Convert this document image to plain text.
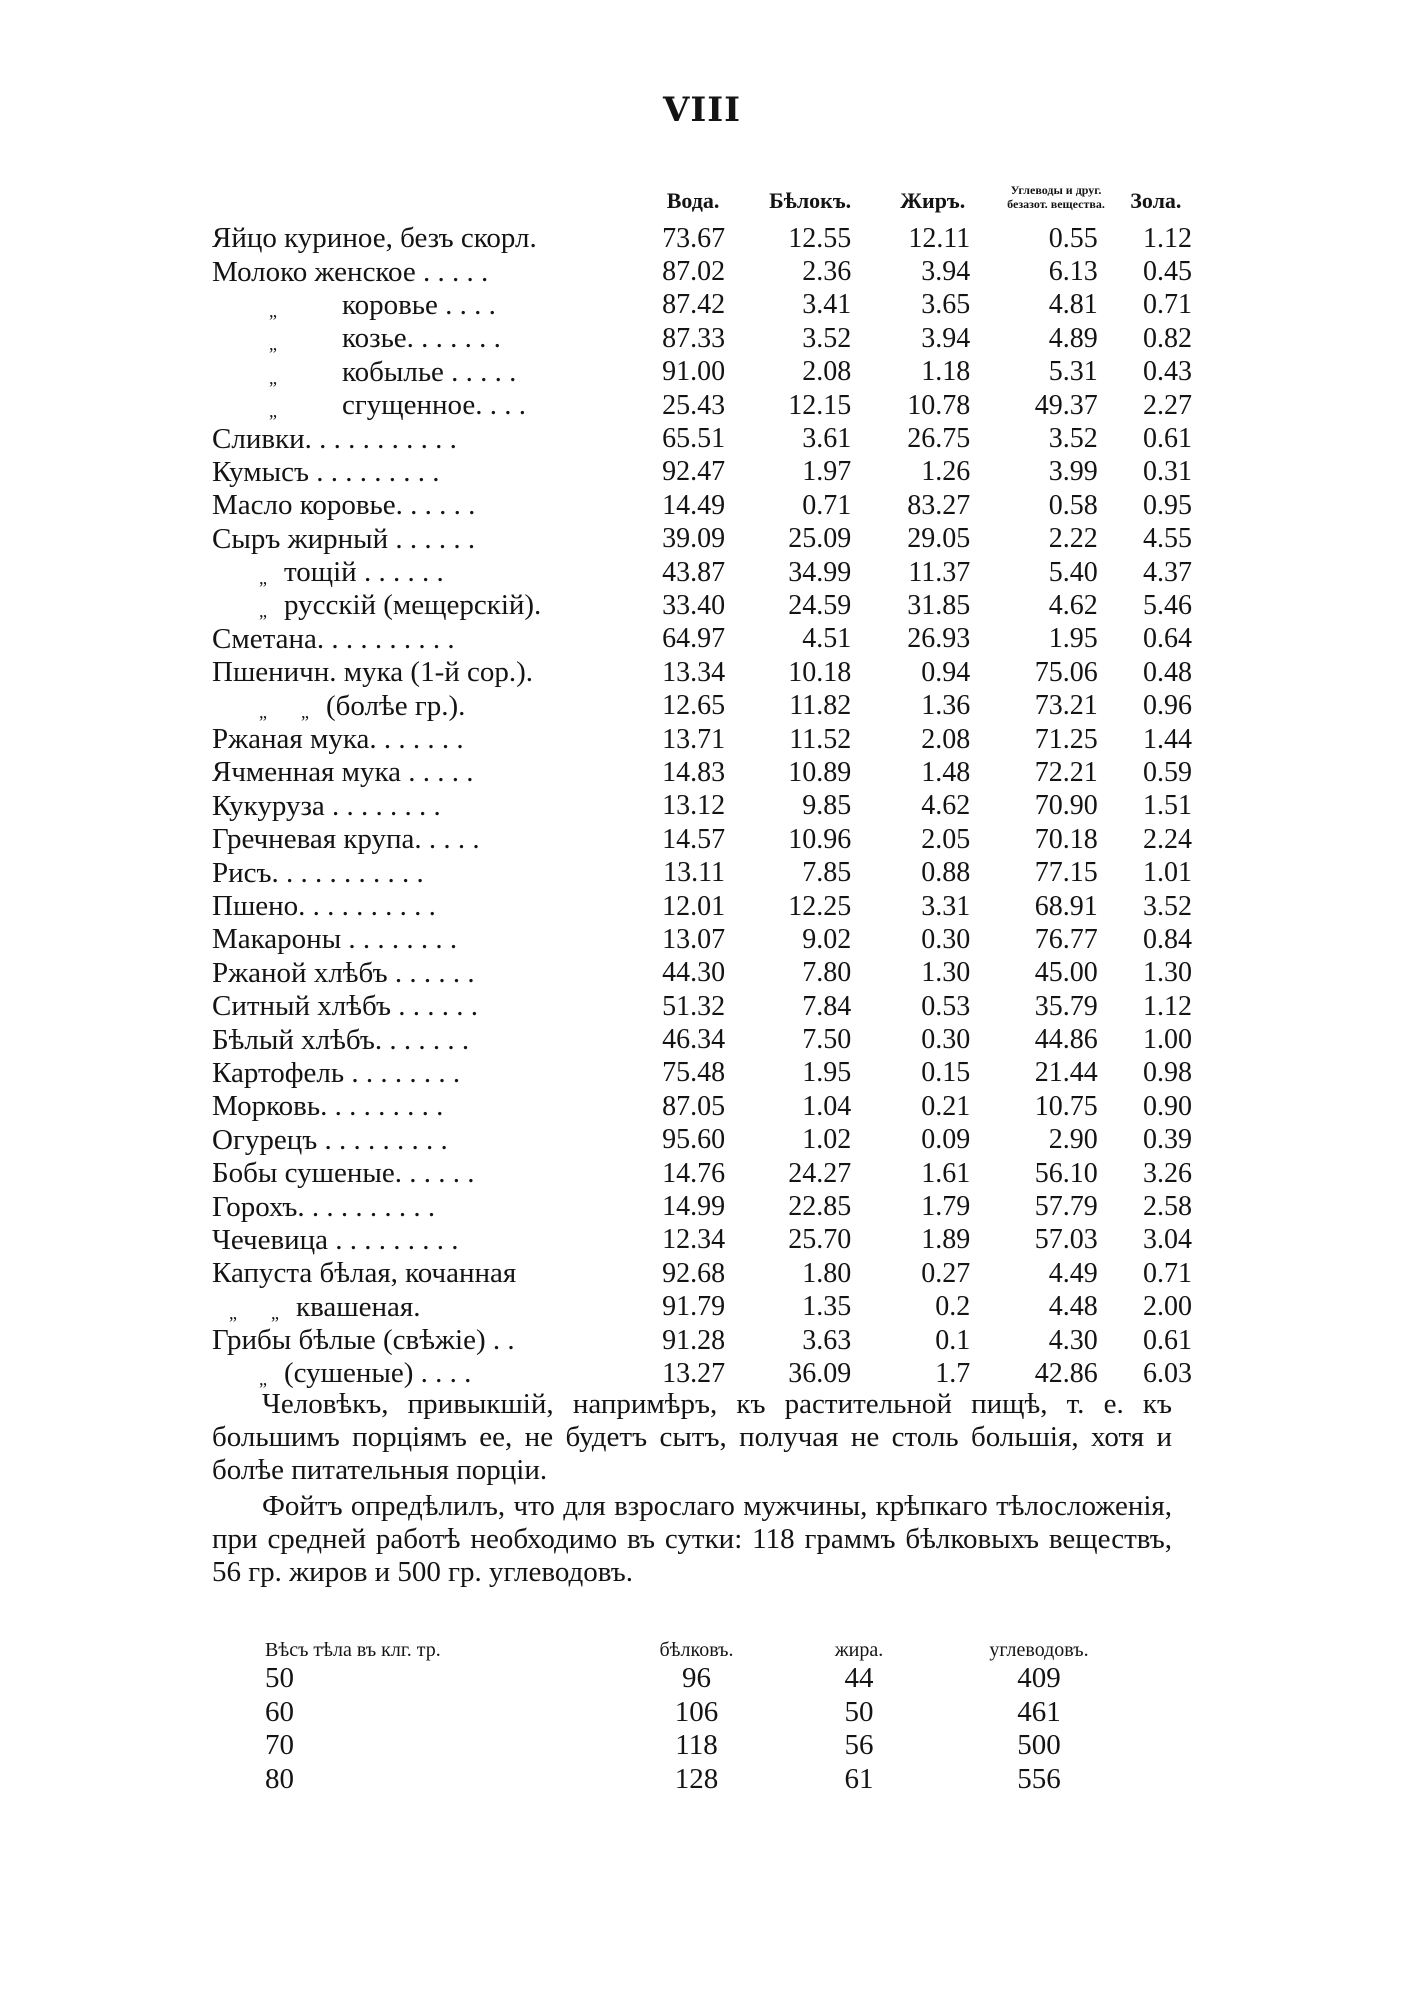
VIII
	Вода.	Бѣлокъ.	Жиръ.	Углеводы и друг. безазот. вещества.	Зола.
Яйцо куриное, безъ скорл.	73.67	12.55	12.11	0.55	1.12
Молоко женское . . . . .	87.02	2.36	3.94	6.13	0.45
„ коровье . . . .	87.42	3.41	3.65	4.81	0.71
„ козье. . . . . . .	87.33	3.52	3.94	4.89	0.82
„ кобылье . . . . .	91.00	2.08	1.18	5.31	0.43
„ сгущенное. . . .	25.43	12.15	10.78	49.37	2.27
Сливки. . . . . . . . . . .	65.51	3.61	26.75	3.52	0.61
Кумысъ . . . . . . . . .	92.47	1.97	1.26	3.99	0.31
Масло коровье. . . . . .	14.49	0.71	83.27	0.58	0.95
Сыръ жирный . . . . . .	39.09	25.09	29.05	2.22	4.55
„ тощій . . . . . .	43.87	34.99	11.37	5.40	4.37
„ русскій (мещерскій).	33.40	24.59	31.85	4.62	5.46
Сметана. . . . . . . . . .	64.97	4.51	26.93	1.95	0.64
Пшеничн. мука (1-й сор.).	13.34	10.18	0.94	75.06	0.48
„ „ (болѣе гр.).	12.65	11.82	1.36	73.21	0.96
Ржаная мука. . . . . . .	13.71	11.52	2.08	71.25	1.44
Ячменная мука . . . . .	14.83	10.89	1.48	72.21	0.59
Кукуруза . . . . . . . .	13.12	9.85	4.62	70.90	1.51
Гречневая крупа. . . . .	14.57	10.96	2.05	70.18	2.24
Рисъ. . . . . . . . . . .	13.11	7.85	0.88	77.15	1.01
Пшено. . . . . . . . . .	12.01	12.25	3.31	68.91	3.52
Макароны . . . . . . . .	13.07	9.02	0.30	76.77	0.84
Ржаной хлѣбъ . . . . . .	44.30	7.80	1.30	45.00	1.30
Ситный хлѣбъ . . . . . .	51.32	7.84	0.53	35.79	1.12
Бѣлый хлѣбъ. . . . . . .	46.34	7.50	0.30	44.86	1.00
Картофель . . . . . . . .	75.48	1.95	0.15	21.44	0.98
Морковь. . . . . . . . .	87.05	1.04	0.21	10.75	0.90
Огурецъ . . . . . . . . .	95.60	1.02	0.09	2.90	0.39
Бобы сушеные. . . . . .	14.76	24.27	1.61	56.10	3.26
Горохъ. . . . . . . . . .	14.99	22.85	1.79	57.79	2.58
Чечевица . . . . . . . . .	12.34	25.70	1.89	57.03	3.04
Капуста бѣлая, кочанная	92.68	1.80	0.27	4.49	0.71
„ „ квашеная.	91.79	1.35	0.2	4.48	2.00
Грибы бѣлые (свѣжіе) . .	91.28	3.63	0.1	4.30	0.61
„ (сушеные) . . . .	13.27	36.09	1.7	42.86	6.03

Человѣкъ, привыкшій, напримѣръ, къ растительной пищѣ, т. е. къ большимъ порціямъ ее, не будетъ сытъ, получая не столь большія, хотя и болѣе питательныя порціи.

Фойтъ опредѣлилъ, что для взрослаго мужчины, крѣпкаго тѣлосложенія, при средней работѣ необходимо въ сутки: 118 граммъ бѣлковыхъ веществъ, 56 гр. жиров и 500 гр. углеводовъ.

Вѣсъ тѣла въ клг. тр.	бѣлковъ.	жира.	углеводовъ.
50	96	44	409
60	106	50	461
70	118	56	500
80	128	61	556
